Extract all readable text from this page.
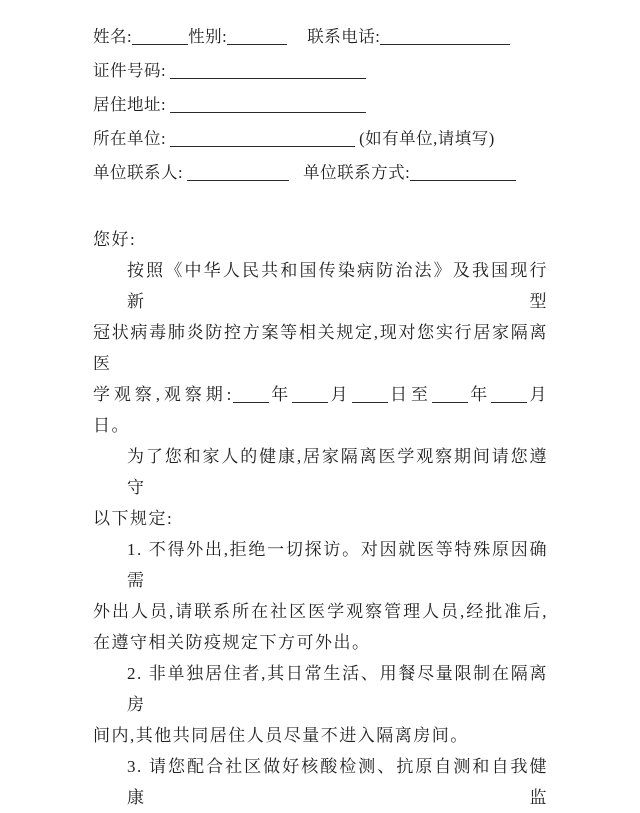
姓名:	性别:	联系电话:
证件号码:
居住地址:
所在单位:	(如有单位,请填写)
单位联系人:	单位联系方式:
您好:
按照《中华人民共和国传染病防治法》及我国现行新型
冠状病毒肺炎防控方案等相关规定,现对您实行居家隔离医
学观察,观察期: 年 月 日至 年 月
日。
为了您和家人的健康,居家隔离医学观察期间请您遵守
以下规定:
1. 不得外出,拒绝一切探访。对因就医等特殊原因确需
外出人员,请联系所在社区医学观察管理人员,经批准后,
在遵守相关防疫规定下方可外出。
2. 非单独居住者,其日常生活、用餐尽量限制在隔离房
间内,其他共同居住人员尽量不进入隔离房间。
3. 请您配合社区做好核酸检测、抗原自测和自我健康监
